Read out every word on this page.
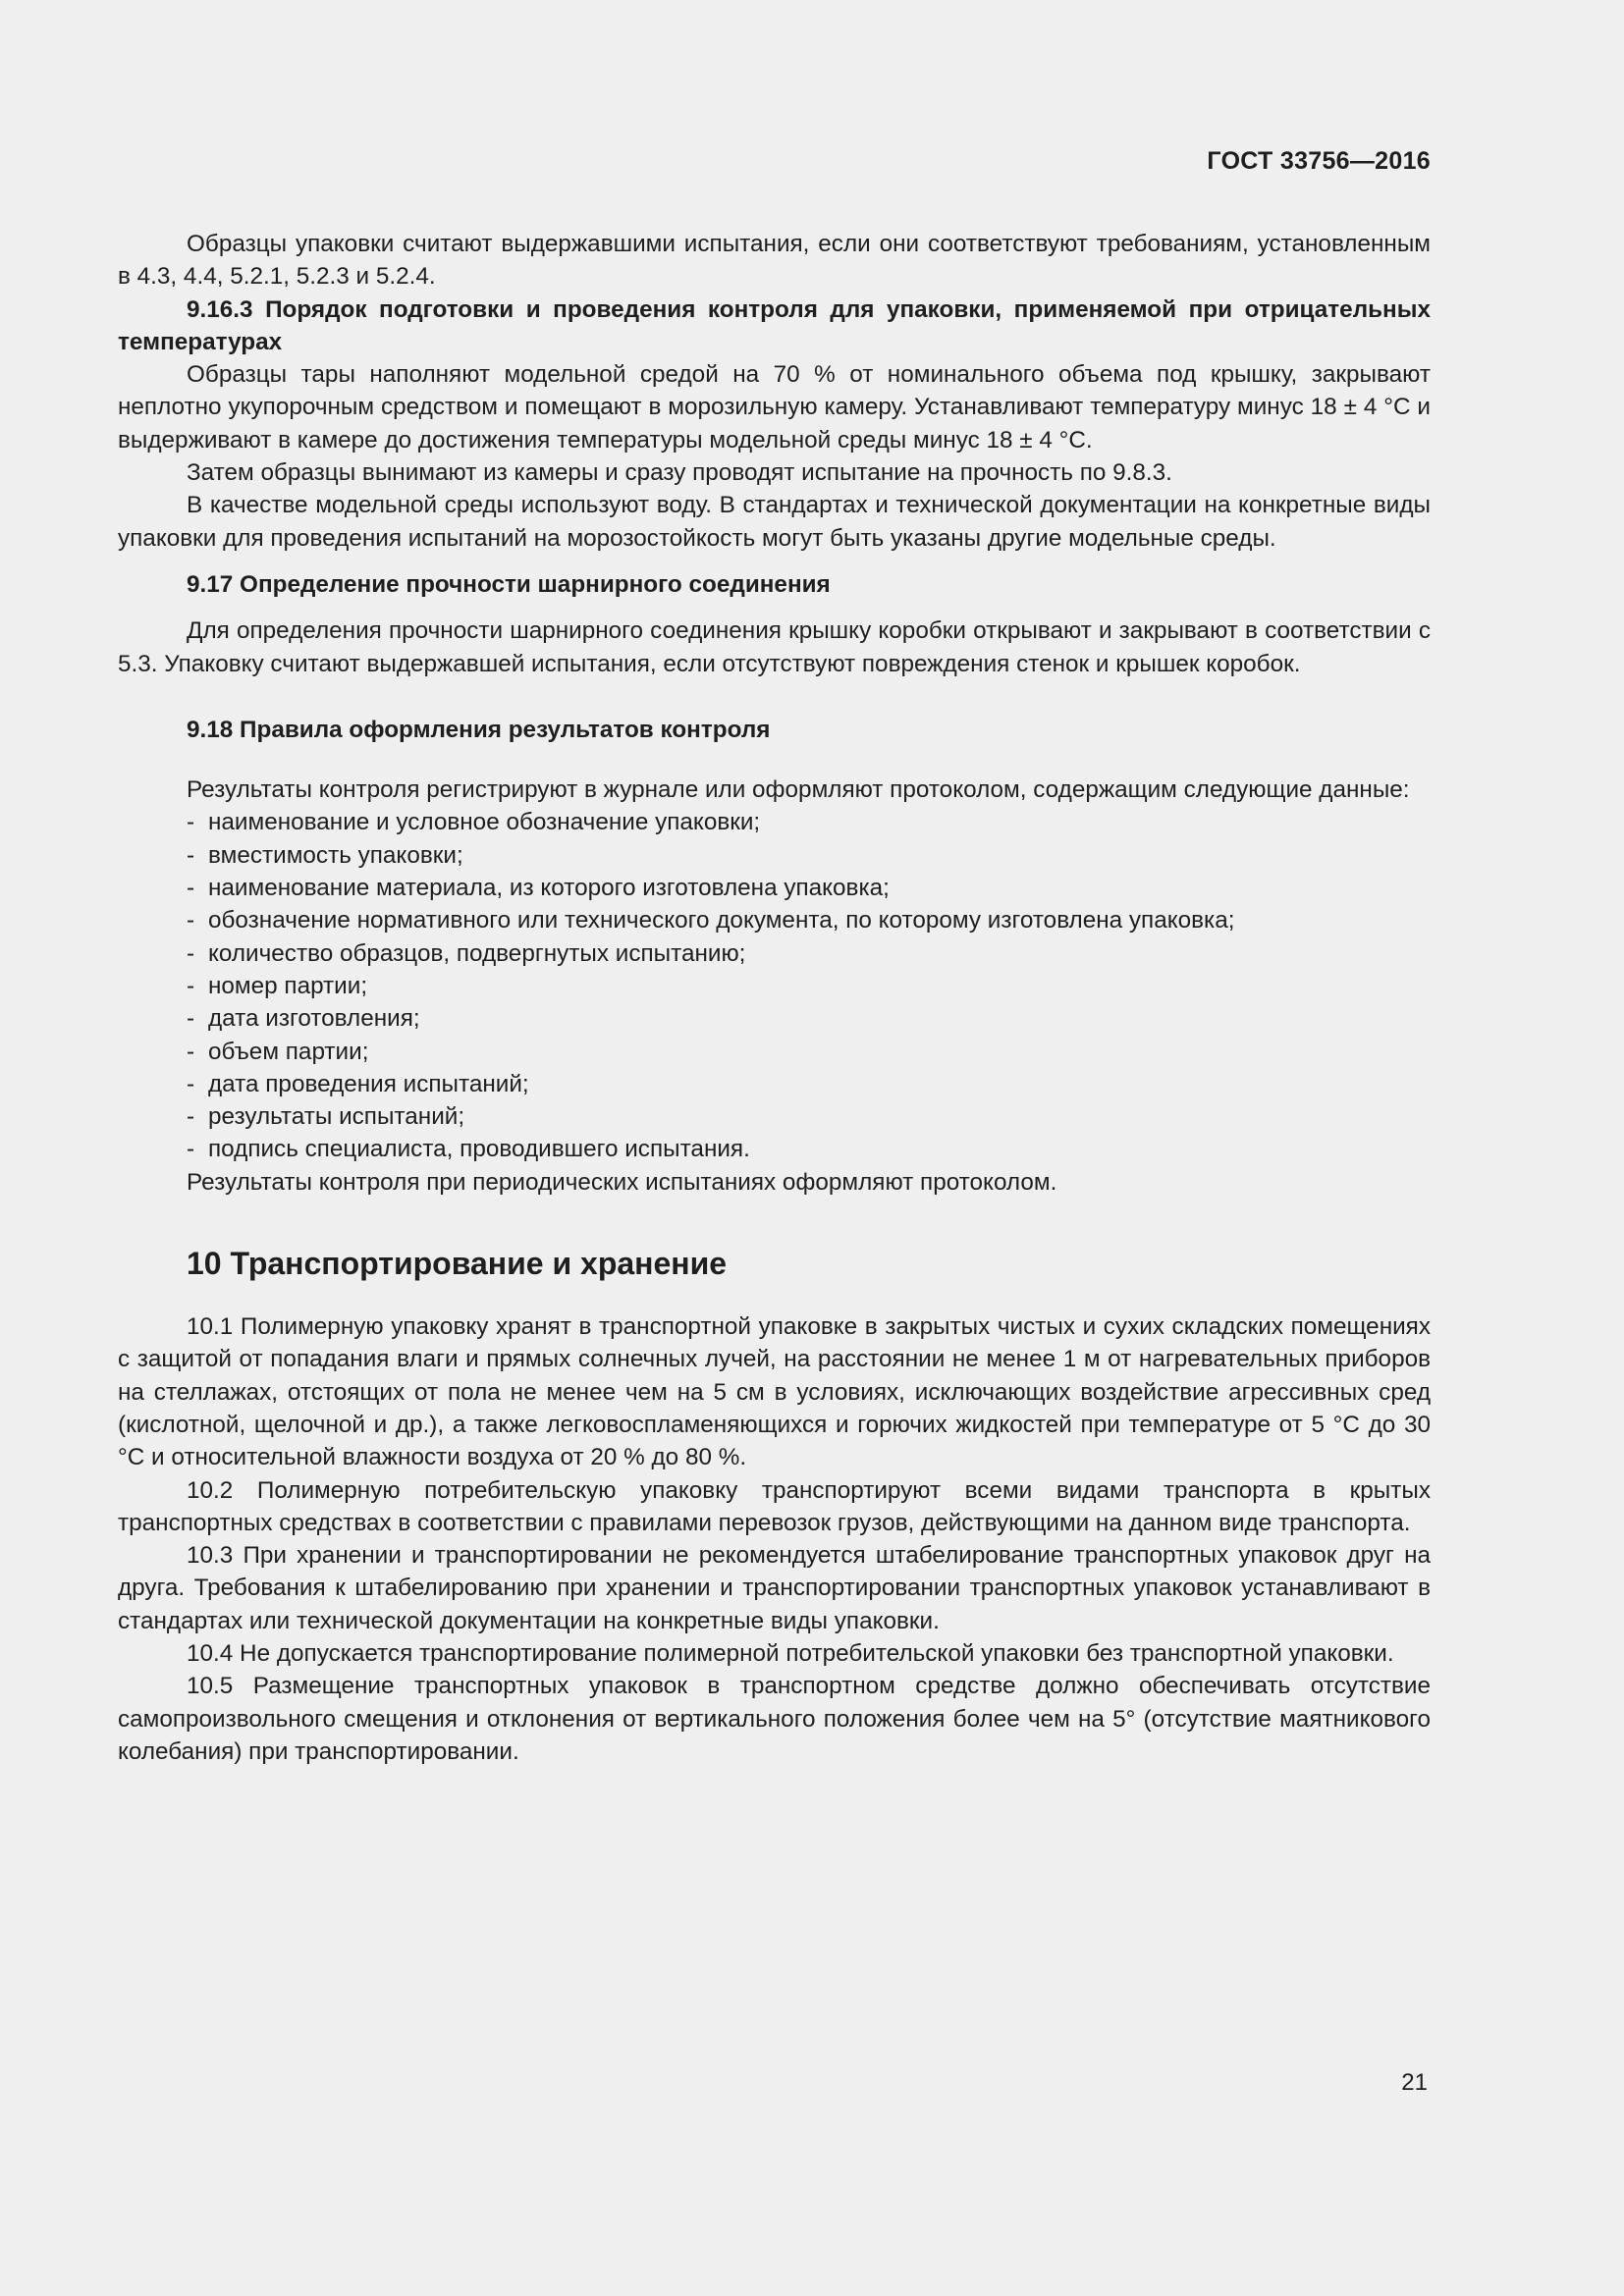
ГОСТ 33756—2016

Образцы упаковки считают выдержавшими испытания, если они соответствуют требованиям, установленным в 4.3, 4.4, 5.2.1, 5.2.3 и 5.2.4.

9.16.3 Порядок подготовки и проведения контроля для упаковки, применяемой при отрицательных температурах

Образцы тары наполняют модельной средой на 70 % от номинального объема под крышку, закрывают неплотно укупорочным средством и помещают в морозильную камеру. Устанавливают температуру минус 18 ± 4 °С и выдерживают в камере до достижения температуры модельной среды минус 18 ± 4 °С.

Затем образцы вынимают из камеры и сразу проводят испытание на прочность по 9.8.3.

В качестве модельной среды используют воду. В стандартах и технической документации на конкретные виды упаковки для проведения испытаний на морозостойкость могут быть указаны другие модельные среды.

9.17 Определение прочности шарнирного соединения

Для определения прочности шарнирного соединения крышку коробки открывают и закрывают в соответствии с 5.3. Упаковку считают выдержавшей испытания, если отсутствуют повреждения стенок и крышек коробок.

9.18 Правила оформления результатов контроля

Результаты контроля регистрируют в журнале или оформляют протоколом, содержащим следующие данные:

- наименование и условное обозначение упаковки;
- вместимость упаковки;
- наименование материала, из которого изготовлена упаковка;
- обозначение нормативного или технического документа, по которому изготовлена упаковка;
- количество образцов, подвергнутых испытанию;
- номер партии;
- дата изготовления;
- объем партии;
- дата проведения испытаний;
- результаты испытаний;
- подпись специалиста, проводившего испытания.

Результаты контроля при периодических испытаниях оформляют протоколом.

10 Транспортирование и хранение

10.1 Полимерную упаковку хранят в транспортной упаковке в закрытых чистых и сухих складских помещениях с защитой от попадания влаги и прямых солнечных лучей, на расстоянии не менее 1 м от нагревательных приборов на стеллажах, отстоящих от пола не менее чем на 5 см в условиях, исключающих воздействие агрессивных сред (кислотной, щелочной и др.), а также легковоспламеняющихся и горючих жидкостей при температуре от 5 °С до 30 °С и относительной влажности воздуха от 20 % до 80 %.

10.2 Полимерную потребительскую упаковку транспортируют всеми видами транспорта в крытых транспортных средствах в соответствии с правилами перевозок грузов, действующими на данном виде транспорта.

10.3 При хранении и транспортировании не рекомендуется штабелирование транспортных упаковок друг на друга. Требования к штабелированию при хранении и транспортировании транспортных упаковок устанавливают в стандартах или технической документации на конкретные виды упаковки.

10.4 Не допускается транспортирование полимерной потребительской упаковки без транспортной упаковки.

10.5 Размещение транспортных упаковок в транспортном средстве должно обеспечивать отсутствие самопроизвольного смещения и отклонения от вертикального положения более чем на 5° (отсутствие маятникового колебания) при транспортировании.

21
